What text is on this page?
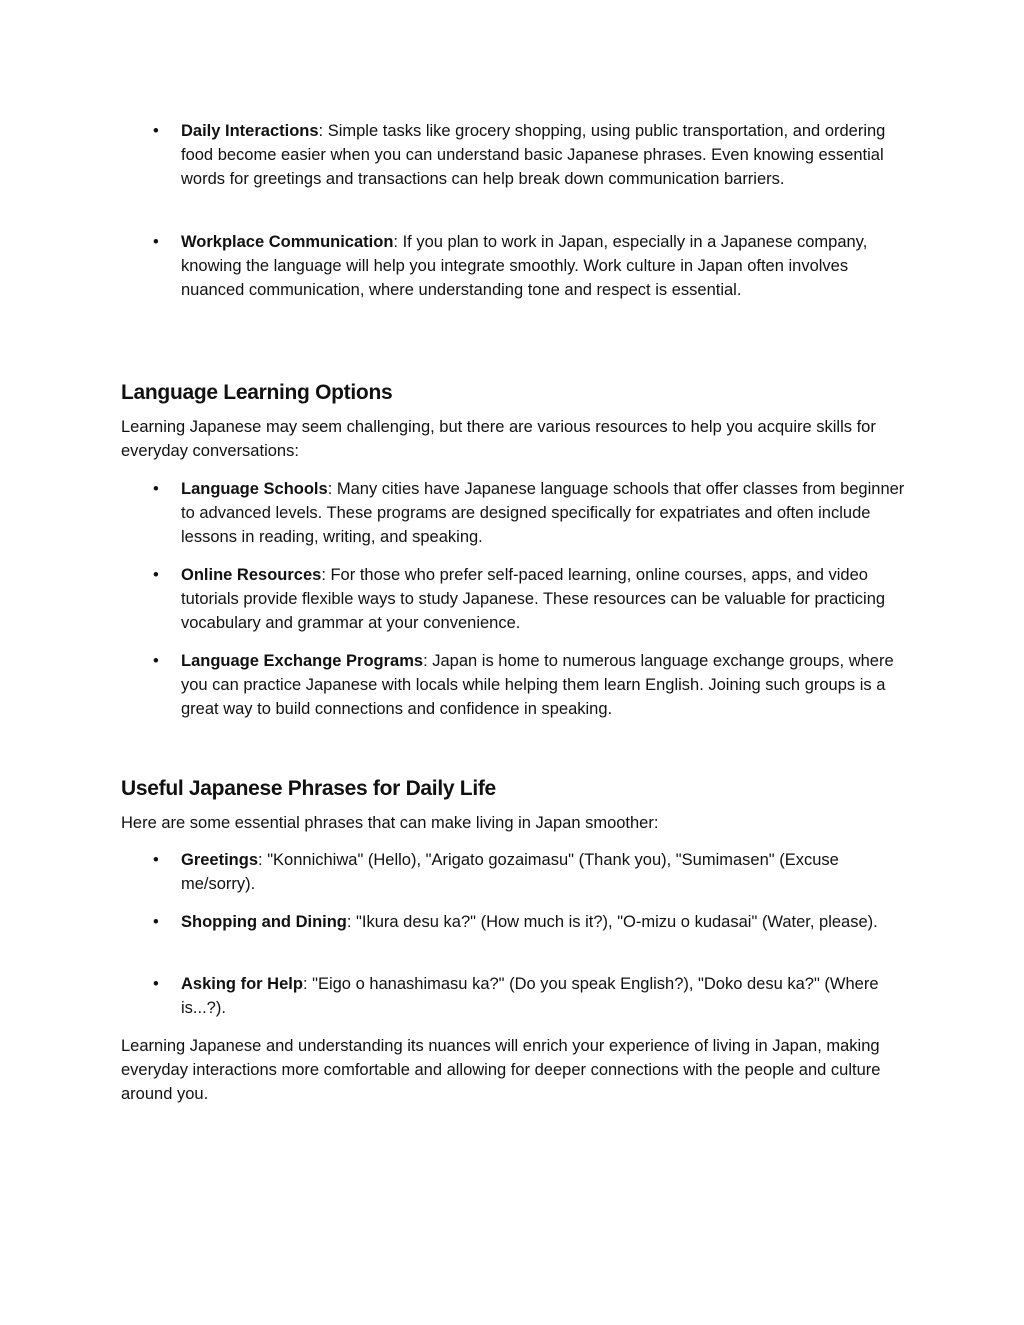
• Daily Interactions: Simple tasks like grocery shopping, using public transportation, and ordering food become easier when you can understand basic Japanese phrases. Even knowing essential words for greetings and transactions can help break down communication barriers.
• Workplace Communication: If you plan to work in Japan, especially in a Japanese company, knowing the language will help you integrate smoothly. Work culture in Japan often involves nuanced communication, where understanding tone and respect is essential.
Language Learning Options
Learning Japanese may seem challenging, but there are various resources to help you acquire skills for everyday conversations:
• Language Schools: Many cities have Japanese language schools that offer classes from beginner to advanced levels. These programs are designed specifically for expatriates and often include lessons in reading, writing, and speaking.
• Online Resources: For those who prefer self-paced learning, online courses, apps, and video tutorials provide flexible ways to study Japanese. These resources can be valuable for practicing vocabulary and grammar at your convenience.
• Language Exchange Programs: Japan is home to numerous language exchange groups, where you can practice Japanese with locals while helping them learn English. Joining such groups is a great way to build connections and confidence in speaking.
Useful Japanese Phrases for Daily Life
Here are some essential phrases that can make living in Japan smoother:
• Greetings: "Konnichiwa" (Hello), "Arigato gozaimasu" (Thank you), "Sumimasen" (Excuse me/sorry).
• Shopping and Dining: "Ikura desu ka?" (How much is it?), "O-mizu o kudasai" (Water, please).
• Asking for Help: "Eigo o hanashimasu ka?" (Do you speak English?), "Doko desu ka?" (Where is...?).
Learning Japanese and understanding its nuances will enrich your experience of living in Japan, making everyday interactions more comfortable and allowing for deeper connections with the people and culture around you.
